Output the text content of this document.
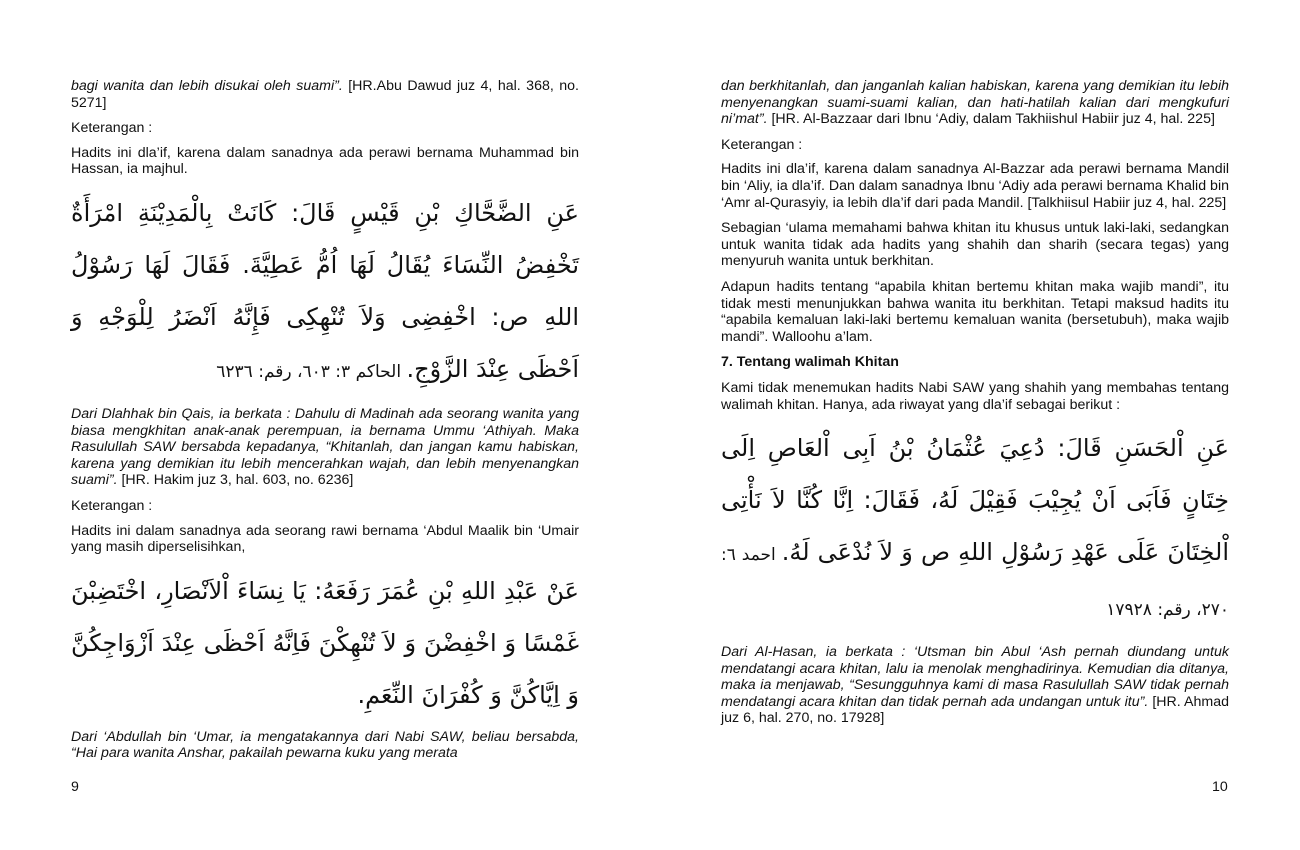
bagi wanita dan lebih disukai oleh suami”. [HR.Abu Dawud juz 4, hal. 368, no. 5271]

Keterangan :

Hadits ini dla’if, karena dalam sanadnya ada perawi bernama Muhammad bin Hassan, ia majhul.

عَنِ الضَّحَّاكِ بْنِ قَيْسٍ قَالَ: كَانَتْ بِالْمَدِيْنَةِ امْرَأَةٌ تَخْفِضُ النِّسَاءَ يُقَالُ لَهَا اُمُّ عَطِيَّةَ. فَقَالَ لَهَا رَسُوْلُ اللهِ ص: اخْفِضِى وَلاَ تُنْهِكِى فَإِنَّهُ اَنْضَرُ لِلْوَجْهِ وَ اَحْظَى عِنْدَ الزَّوْجِ. الحاكم ٣: ٦٠٣، رقم: ٦٢٣٦

Dari Dlahhak bin Qais, ia berkata : Dahulu di Madinah ada seorang wanita yang biasa mengkhitan anak-anak perempuan, ia bernama Ummu ‘Athiyah. Maka Rasulullah SAW bersabda kepadanya, “Khitanlah, dan jangan kamu habiskan, karena yang demikian itu lebih mencerahkan wajah, dan lebih menyenangkan suami”. [HR. Hakim juz 3, hal. 603, no. 6236]

Keterangan :

Hadits ini dalam sanadnya ada seorang rawi bernama ‘Abdul Maalik bin ‘Umair yang masih diperselisihkan,

عَنْ عَبْدِ اللهِ بْنِ عُمَرَ رَفَعَهُ: يَا نِسَاءَ اْلاَنْصَارِ، اخْتَضِبْنَ غَمْسًا وَ اخْفِضْنَ وَ لاَ تُنْهِكْنَ فَاِنَّهُ اَحْظَى عِنْدَ اَزْوَاجِكُنَّ وَ اِيَّاكُنَّ وَ كُفْرَانَ النِّعَمِ.

Dari ‘Abdullah bin ‘Umar, ia mengatakannya dari Nabi SAW, beliau bersabda, “Hai para wanita Anshar, pakailah pewarna kuku yang merata

9

dan berkhitanlah, dan janganlah kalian habiskan, karena yang demikian itu lebih menyenangkan suami-suami kalian, dan hati-hatilah kalian dari mengkufuri ni’mat”. [HR. Al-Bazzaar dari Ibnu ‘Adiy, dalam Takhiishul Habiir juz 4, hal. 225]

Keterangan :

Hadits ini dla’if, karena dalam sanadnya Al-Bazzar ada perawi bernama Mandil bin ‘Aliy, ia dla’if. Dan dalam sanadnya Ibnu ‘Adiy ada perawi bernama Khalid bin ‘Amr al-Qurasyiy, ia lebih dla’if dari pada Mandil. [Talkhiisul Habiir juz 4, hal. 225]

Sebagian ‘ulama memahami bahwa khitan itu khusus untuk laki-laki, sedangkan untuk wanita tidak ada hadits yang shahih dan sharih (secara tegas) yang menyuruh wanita untuk berkhitan.

Adapun hadits tentang “apabila khitan bertemu khitan maka wajib mandi”, itu tidak mesti menunjukkan bahwa wanita itu berkhitan. Tetapi maksud hadits itu “apabila kemaluan laki-laki bertemu kemaluan wanita (bersetubuh), maka wajib mandi”. Walloohu a’lam.

7. Tentang walimah Khitan

Kami tidak menemukan hadits Nabi SAW yang shahih yang membahas tentang walimah khitan. Hanya, ada riwayat yang dla’if sebagai berikut :

عَنِ اْلحَسَنِ قَالَ: دُعِيَ عُثْمَانُ بْنُ اَبِى اْلعَاصِ اِلَى خِتَانٍ فَاَبَى اَنْ يُجِيْبَ فَقِيْلَ لَهُ، فَقَالَ: اِنَّا كُنَّا لاَ نَأْتِى اْلخِتَانَ عَلَى عَهْدِ رَسُوْلِ اللهِ ص وَ لاَ نُدْعَى لَهُ. احمد ٦: ٢٧٠، رقم: ١٧٩٢٨

Dari Al-Hasan, ia berkata : ‘Utsman bin Abul ‘Ash pernah diundang untuk mendatangi acara khitan, lalu ia menolak menghadirinya. Kemudian dia ditanya, maka ia menjawab, “Sesungguhnya kami di masa Rasulullah SAW tidak pernah mendatangi acara khitan dan tidak pernah ada undangan untuk itu”. [HR. Ahmad juz 6, hal. 270, no. 17928]

10
